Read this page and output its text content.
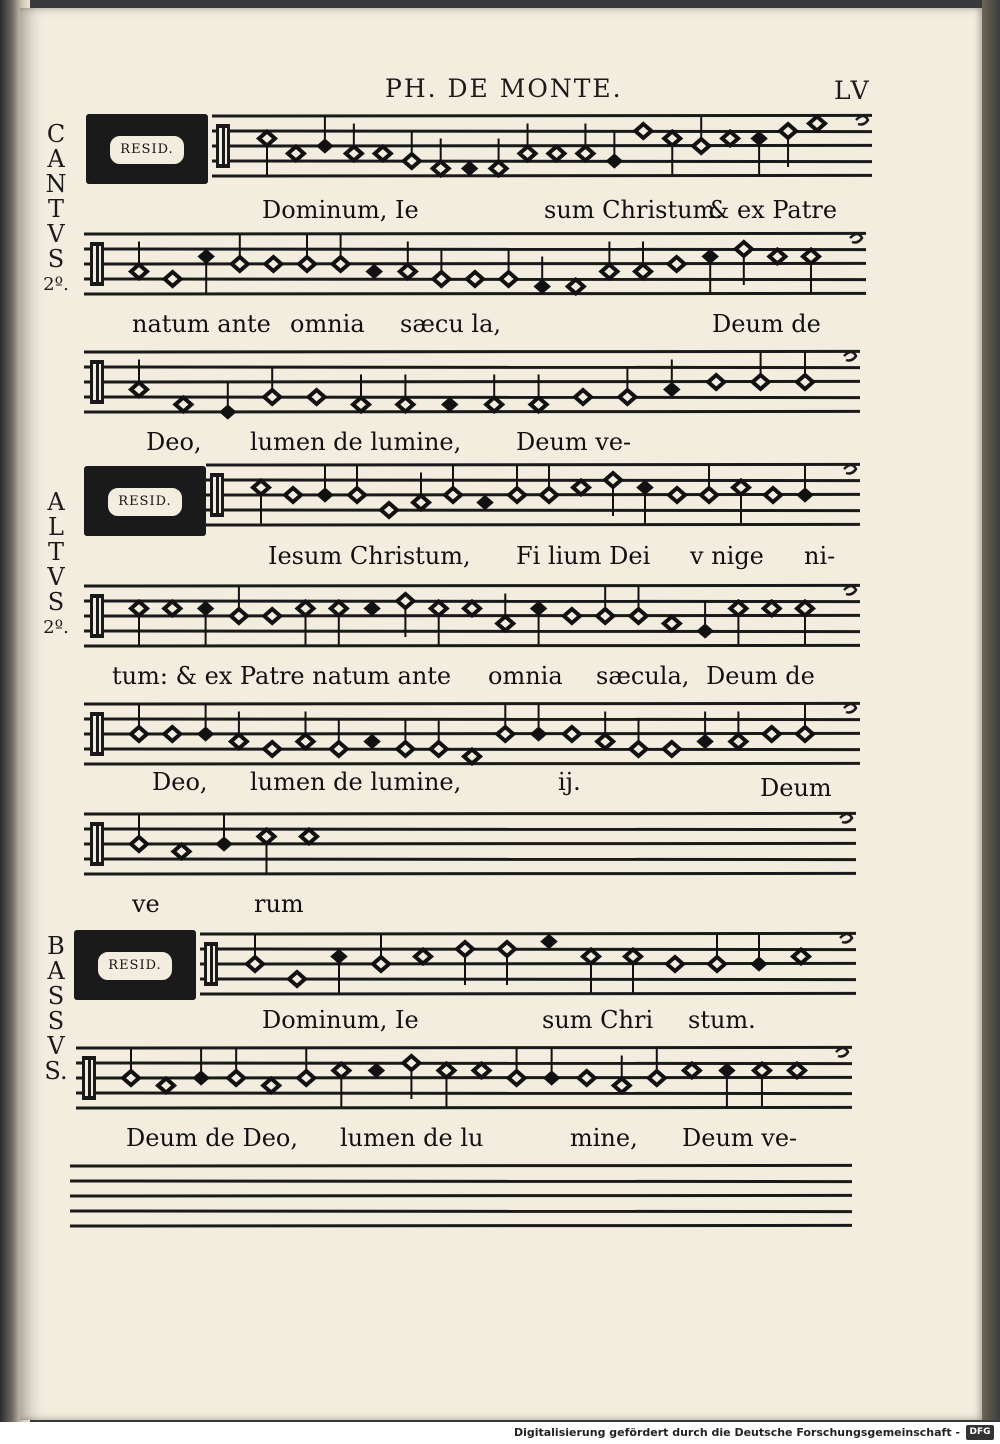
PH. DE MONTE.	LV
C
A
N
T
V
S
2º.
A
L
T
V
S
2º.
B
A
S
S
V
S.
RESID.
RESID.
RESID.
Dominum, Ie	sum Christum.
& ex Patre
natum ante omnia sæcu la,	Deum de
Deo, lumen de lumine, Deum ve-
Iesum Christum, Fi lium Dei v nige ni-
tum: & ex Patre natum ante omnia sæcula, Deum de
Deo, lumen de lumine,	ij.	Deum
ve	rum
Dominum, Ie	sum Chri stum.
Deum de Deo, lumen de lu	mine, Deum ve-
Digitalisierung gefördert durch die Deutsche Forschungsgemeinschaft -	DFG
